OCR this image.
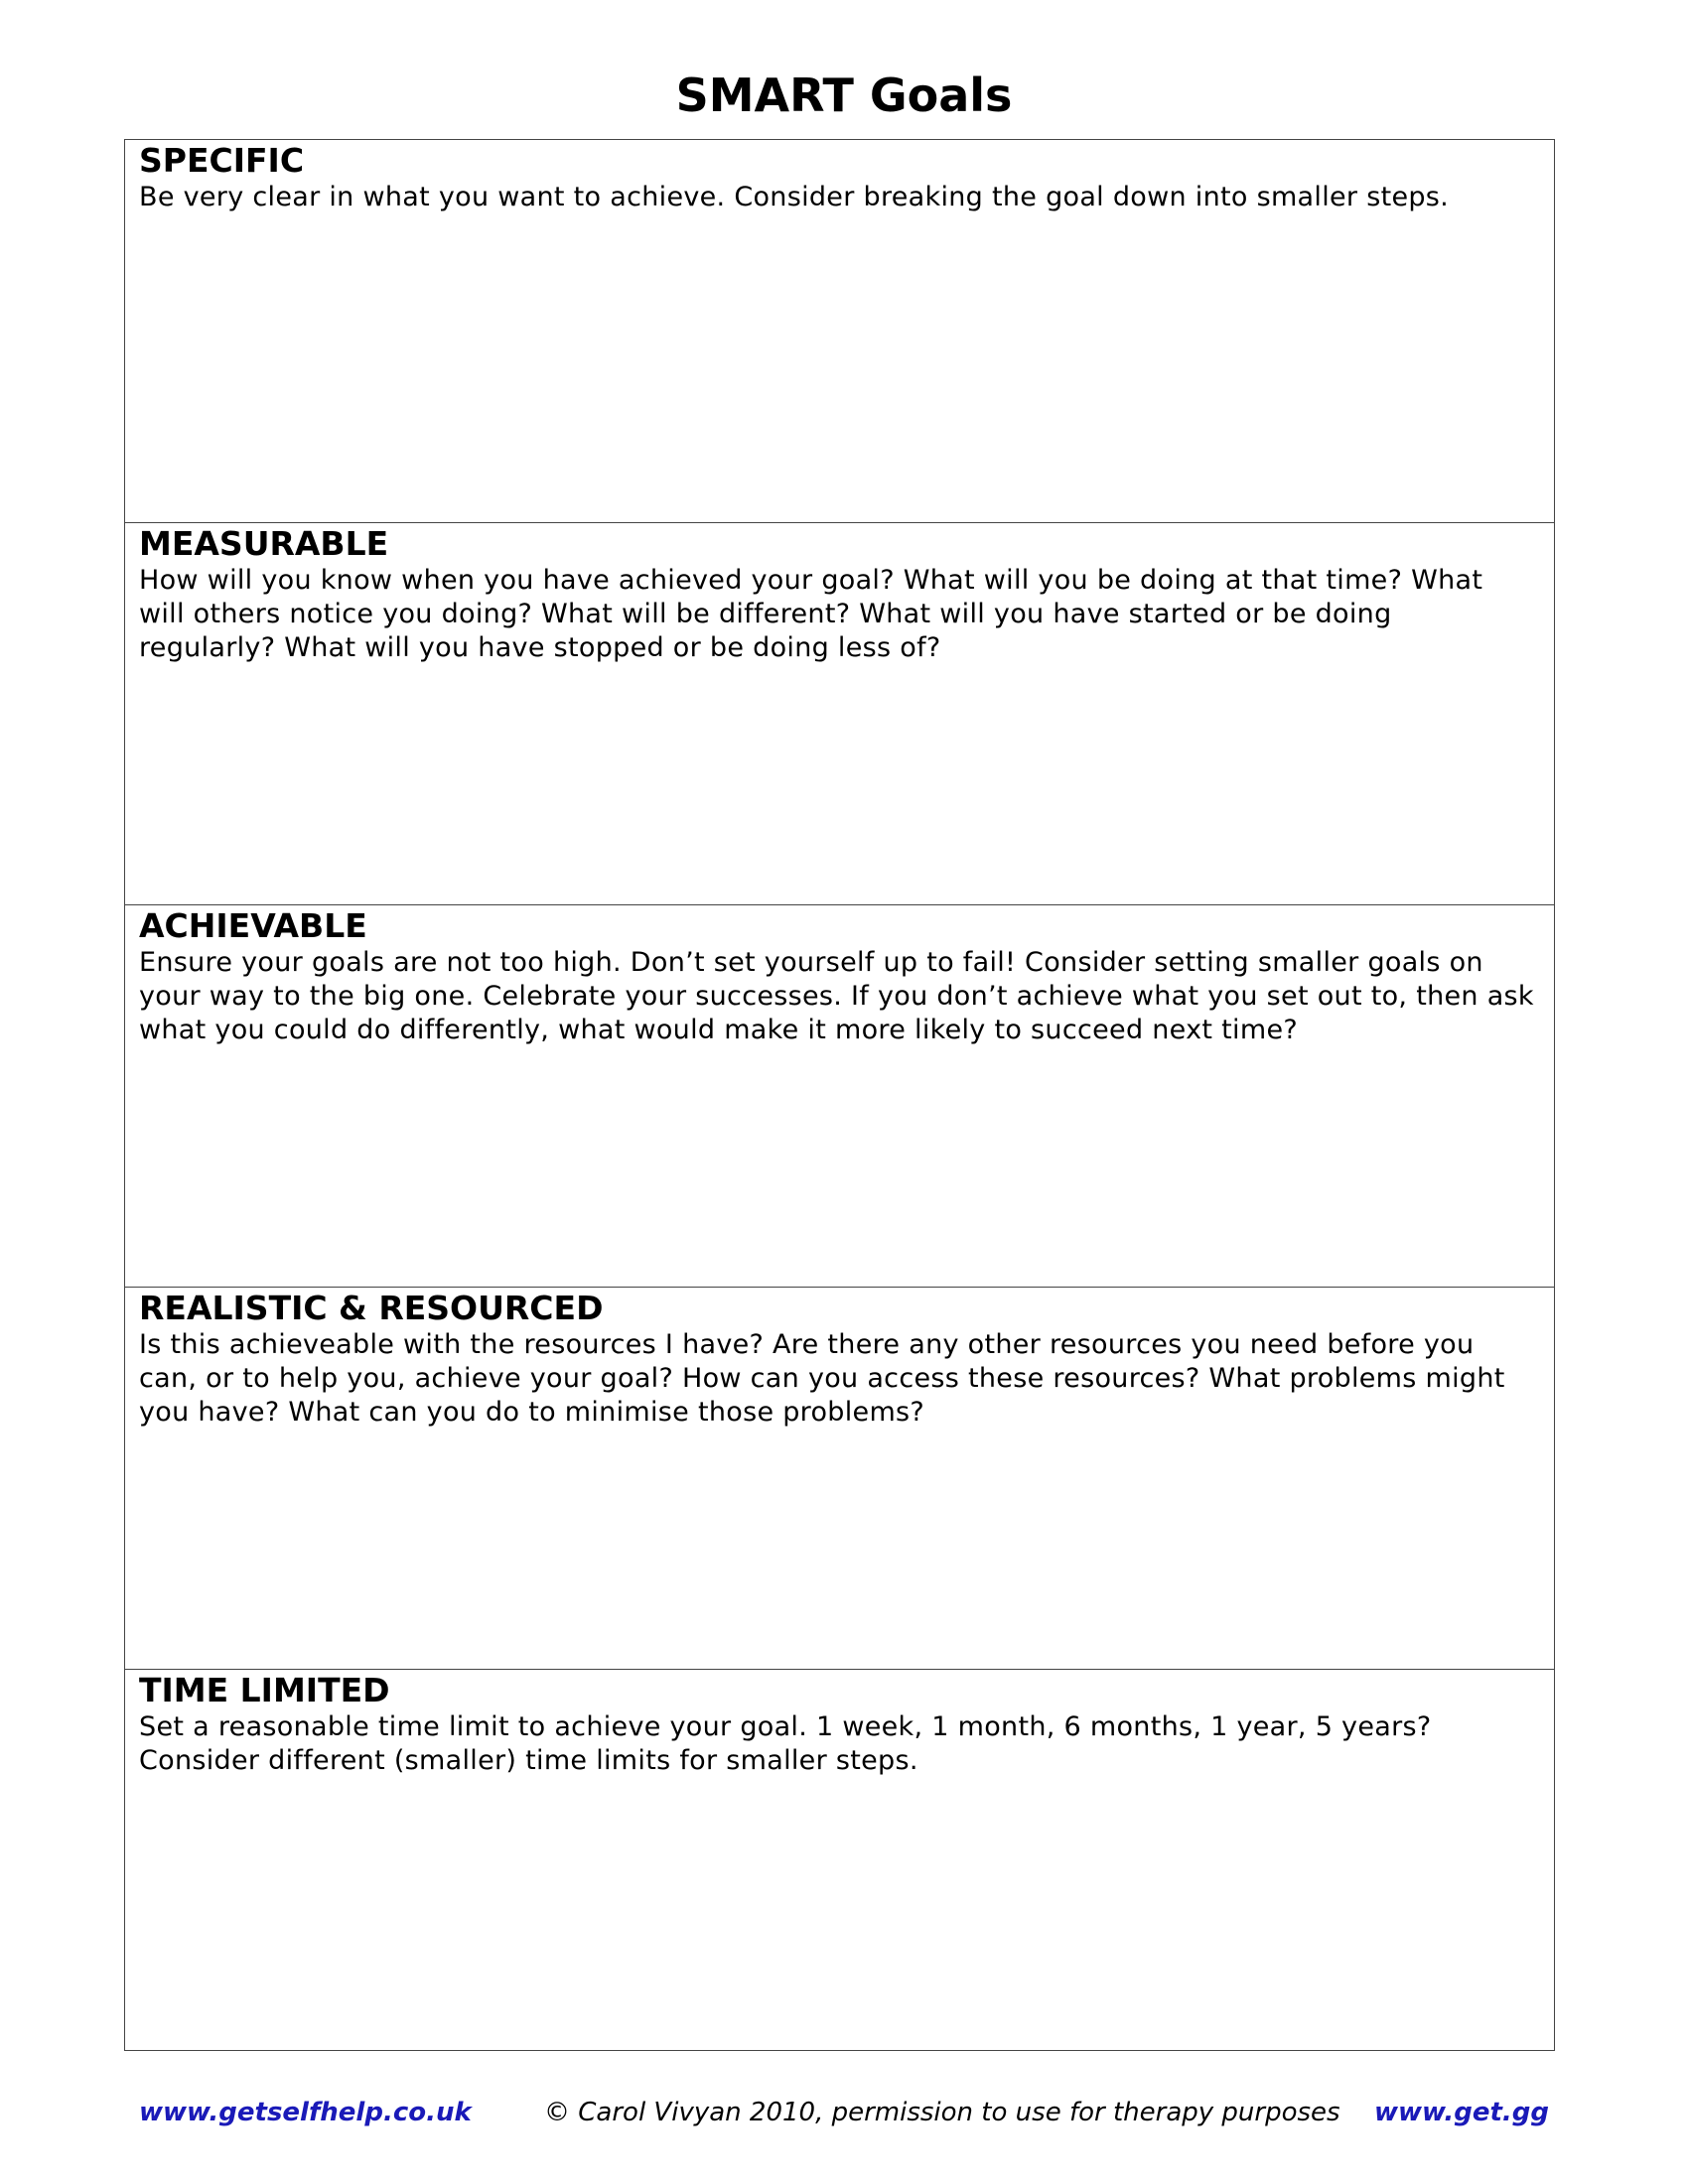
SMART Goals

SPECIFIC

Be very clear in what you want to achieve. Consider breaking the goal down into smaller steps.

MEASURABLE

How will you know when you have achieved your goal? What will you be doing at that time? What will others notice you doing? What will be different? What will you have started or be doing regularly? What will you have stopped or be doing less of?

ACHIEVABLE

Ensure your goals are not too high. Don’t set yourself up to fail! Consider setting smaller goals on your way to the big one. Celebrate your successes. If you don’t achieve what you set out to, then ask what you could do differently, what would make it more likely to succeed next time?

REALISTIC & RESOURCED

Is this achieveable with the resources I have? Are there any other resources you need before you can, or to help you, achieve your goal? How can you access these resources? What problems might you have? What can you do to minimise those problems?

TIME LIMITED

Set a reasonable time limit to achieve your goal. 1 week, 1 month, 6 months, 1 year, 5 years? Consider different (smaller) time limits for smaller steps.

www.getselfhelp.co.uk	© Carol Vivyan 2010, permission to use for therapy purposes www.get.gg
